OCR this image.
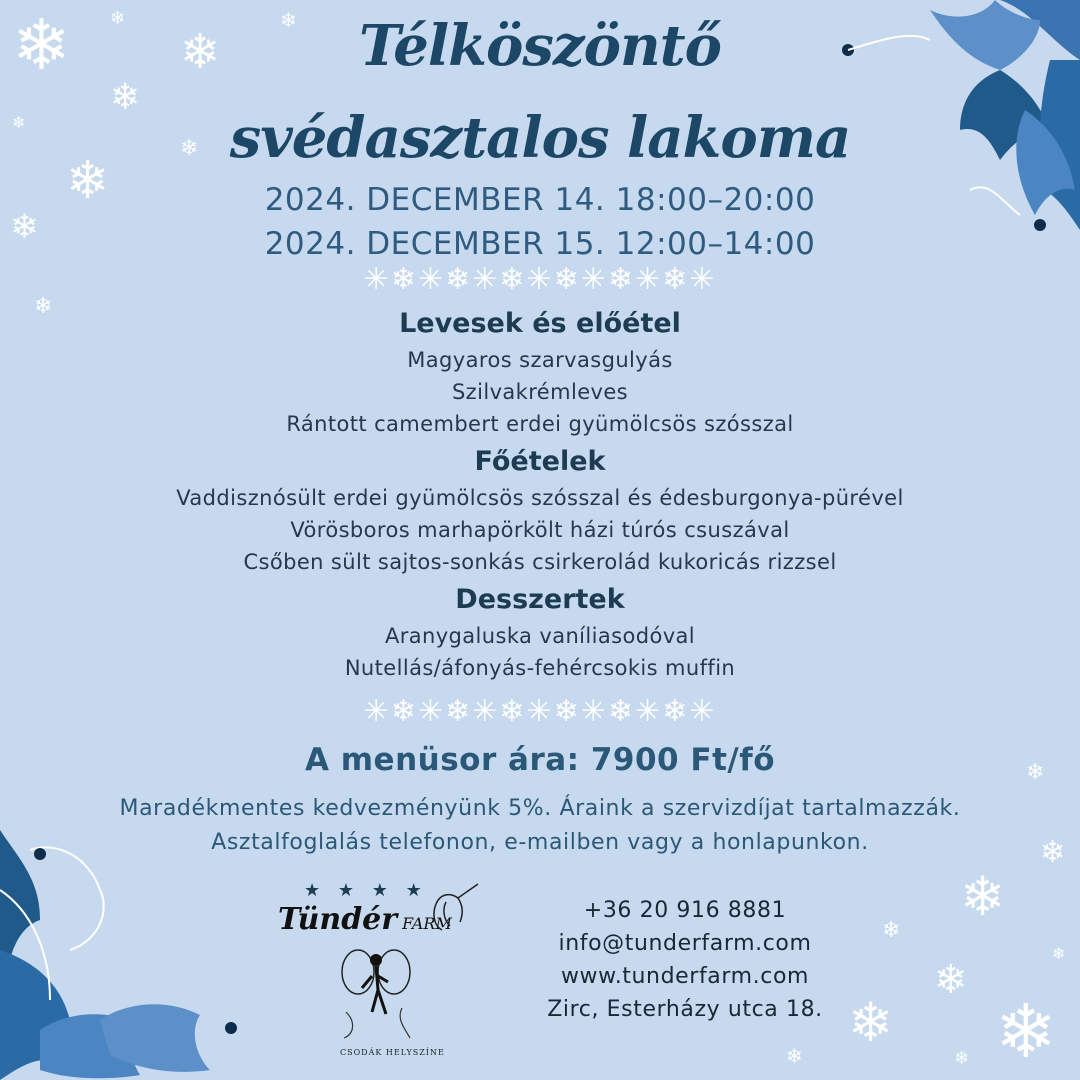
❄ ❄
❄
❄
❄
❄
❄
❄
❄
❄
❄
❄
❄
❄
❄
❄
❄ ❄
❄	❄
Télköszöntő
svédasztalos lakoma
2024. DECEMBER 14. 18:00–20:00
2024. DECEMBER 15. 12:00–14:00
✳❄✳❄✳❄✳❄✳❄✳❄✳
Levesek és előétel
Magyaros szarvasgulyás
Szilvakrémleves
Rántott camembert erdei gyümölcsös szósszal
Főételek
Vaddisznósült erdei gyümölcsös szósszal és édesburgonya-pürével
Vörösboros marhapörkölt házi túrós csuszával
Csőben sült sajtos-sonkás csirkerolád kukoricás rizzsel
Desszertek
Aranygaluska vaníliasodóval
Nutellás/áfonyás-fehércsokis muffin
✳❄✳❄✳❄✳❄✳❄✳❄✳
A menüsor ára: 7900 Ft/fő
Maradékmentes kedvezményünk 5%. Áraink a szervizdíjat tartalmazzák.
Asztalfoglalás telefonon, e-mailben vagy a honlapunkon.
★ ★ ★ ★
Tündér FARM
CSODÁK HELYSZÍNE
+36 20 916 8881
info@tunderfarm.com
www.tunderfarm.com
Zirc, Esterházy utca 18.
